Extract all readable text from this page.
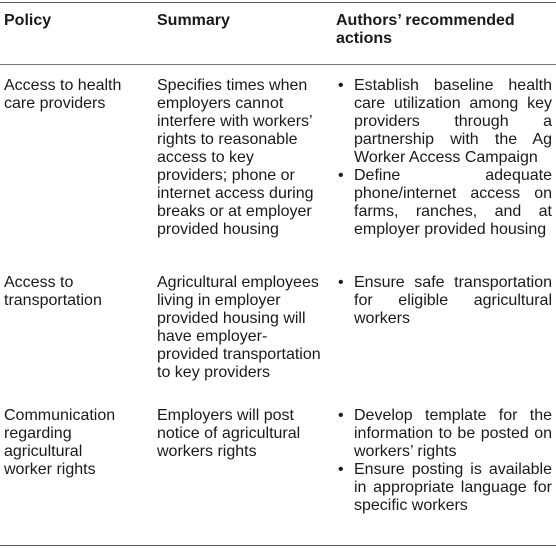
Policy	Summary	Authors’ recommended actions
Access to health care providers
Specifies times when employers cannot interfere with workers’ rights to reasonable access to key providers; phone or internet access during breaks or at employer provided housing
• Establish baseline health care utilization among key providers through a partnership with the Ag Worker Access Campaign
• Define adequate phone/internet access on farms, ranches, and at employer provided housing
Access to transportation
Agricultural employees living in employer provided housing will have employer-provided transportation to key providers
• Ensure safe transportation for eligible agricultural workers
Communication regarding agricultural worker rights
Employers will post notice of agricultural workers rights
• Develop template for the information to be posted on workers’ rights
• Ensure posting is available in appropriate language for specific workers
